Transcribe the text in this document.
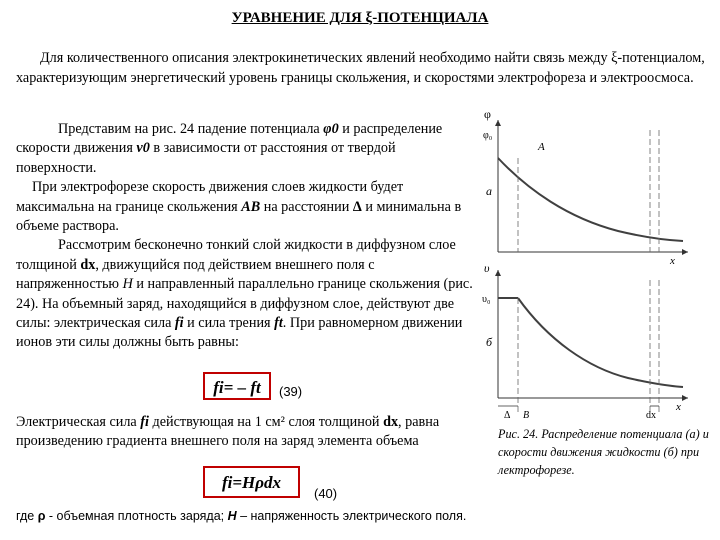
УРАВНЕНИЕ ДЛЯ ξ-ПОТЕНЦИАЛА
Для количественного описания электрокинетических явлений необходимо найти связь между ξ-потенциалом, характеризующим энергетический уровень границы скольжения, и скоростями электрофореза и электроосмоса.

Представим на рис. 24 падение потенциала φ0 и распределение скорости движения v0 в зависимости от расстояния от твердой поверхности.

При электрофорезе скорость движения слоев жидкости будет максимальна на границе скольжения AB на расстоянии Δ и минимальна в объеме раствора.

Рассмотрим бесконечно тонкий слой жидкости в диффузном слое толщиной dx, движущийся под действием внешнего поля с напряженностью H и направленный параллельно границе скольжения (рис. 24). На объемный заряд, находящийся в диффузном слое, действуют две силы: электрическая сила fi и сила трения ft. При равномерном движении ионов эти силы должны быть равны:

fi= – ft	(39)
Электрическая сила fi действующая на 1 см² слоя толщиной dx, равна произведению градиента внешнего поля на заряд элемента объема
fi=Hρdx
(40)
где ρ - объемная плотность заряда; H – напряженность электрического поля.
Рис. 24. Распределение потенциала (а) и скорости движения жидкости (б) при лектрофорезе.
φ
φ₀
A
а
x
υ
υ₀
б
x
Δ B	dx
